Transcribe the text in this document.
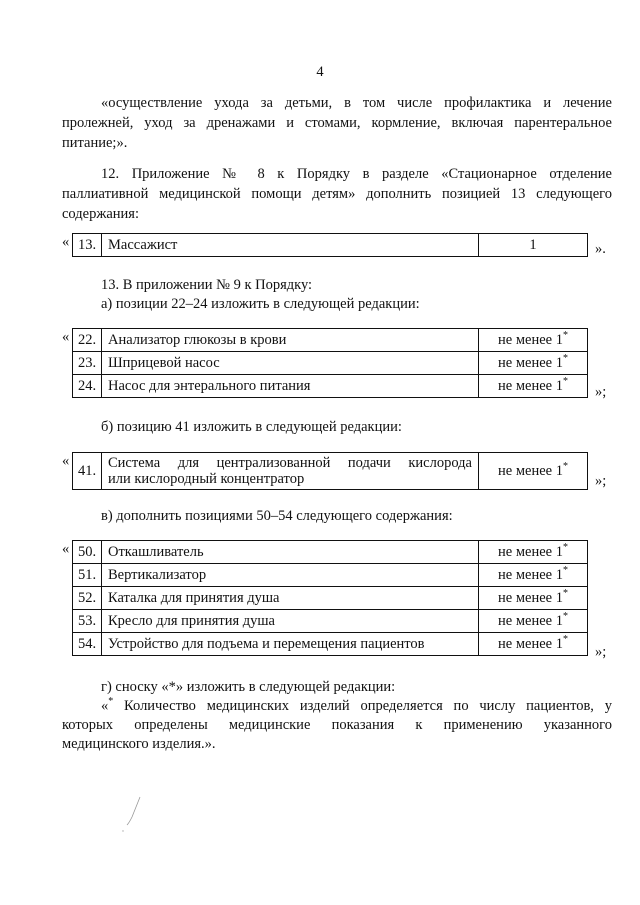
4
«осуществление ухода за детьми, в том числе профилактика и лечение
пролежней, уход за дренажами и стомами, кормление, включая парентеральное
питание;».
12. Приложение № 8 к Порядку в разделе «Стационарное отделение
паллиативной медицинской помощи детям» дополнить позицией 13 следующего
содержания:
« 13.	Массажист	1	».
13. В приложении № 9 к Порядку:
а) позиции 22–24 изложить в следующей редакции:
« 22.	Анализатор глюкозы в крови	не менее 1*
23.	Шприцевой насос	не менее 1*
24.	Насос для энтерального питания	не менее 1*
»;
б) позицию 41 изложить в следующей редакции:
«
41.	Система для централизованной подачи кислорода
или кислородный концентратор	не менее 1*
»;
в) дополнить позициями 50–54 следующего содержания:
« 50.	Откашливатель	не менее 1*
51.	Вертикализатор	не менее 1*
52.	Каталка для принятия душа	не менее 1*
53.	Кресло для принятия душа	не менее 1*
54.	Устройство для подъема и перемещения пациентов	не менее 1*
»;
г) сноску «*» изложить в следующей редакции:
«* Количество медицинских изделий определяется по числу пациентов, у
которых определены медицинские показания к применению указанного
медицинского изделия.».
